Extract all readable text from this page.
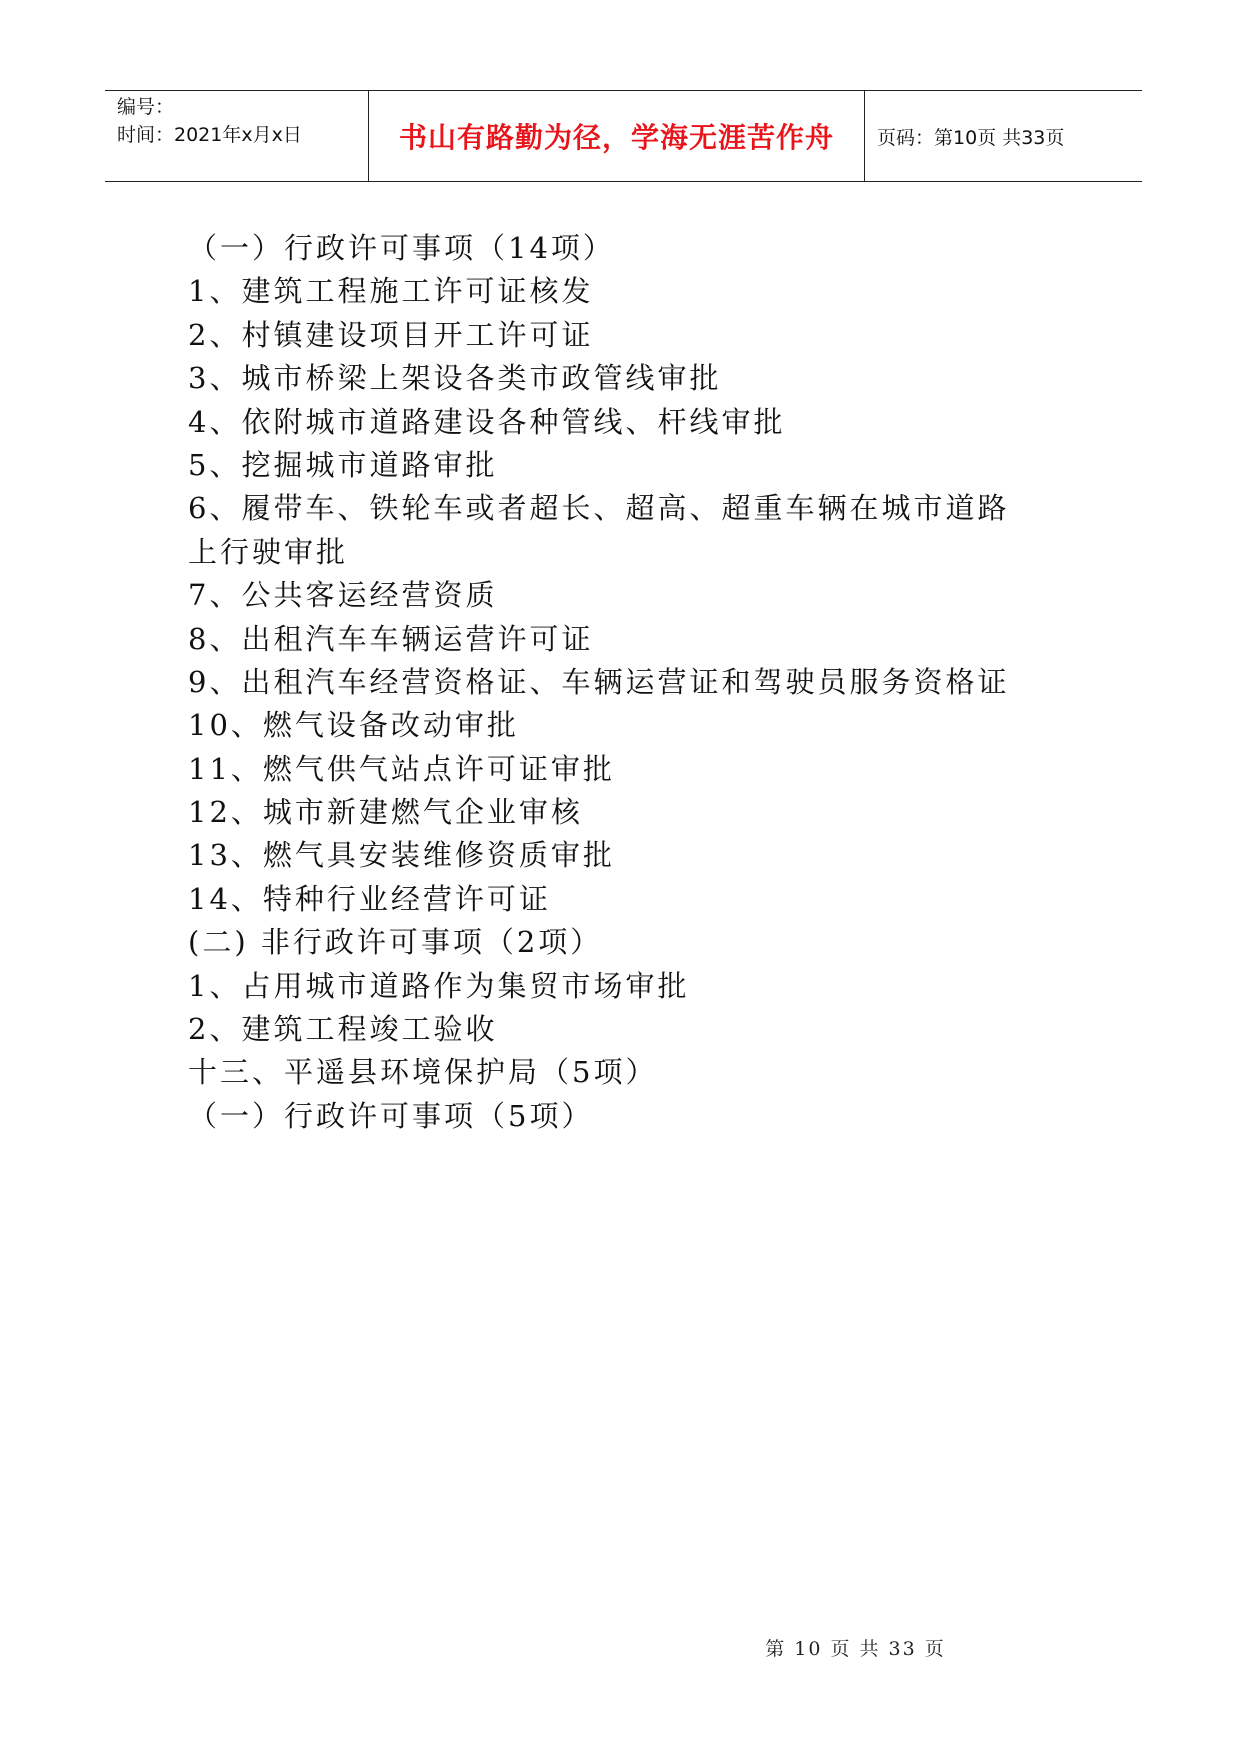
编号：
时间：2021年x月x日	书山有路勤为径，学海无涯苦作舟 页码：第10页 共33页
（一）行政许可事项（14项）
1、建筑工程施工许可证核发
2、村镇建设项目开工许可证
3、城市桥梁上架设各类市政管线审批
4、依附城市道路建设各种管线、杆线审批
5、挖掘城市道路审批
6、履带车、铁轮车或者超长、超高、超重车辆在城市道路
上行驶审批
7、公共客运经营资质
8、出租汽车车辆运营许可证
9、出租汽车经营资格证、车辆运营证和驾驶员服务资格证
10、燃气设备改动审批
11、燃气供气站点许可证审批
12、城市新建燃气企业审核
13、燃气具安装维修资质审批
14、特种行业经营许可证
(二) 非行政许可事项（2项）
1、占用城市道路作为集贸市场审批
2、建筑工程竣工验收
十三、平遥县环境保护局（5项）
（一）行政许可事项（5项）
第 10 页 共 33 页
